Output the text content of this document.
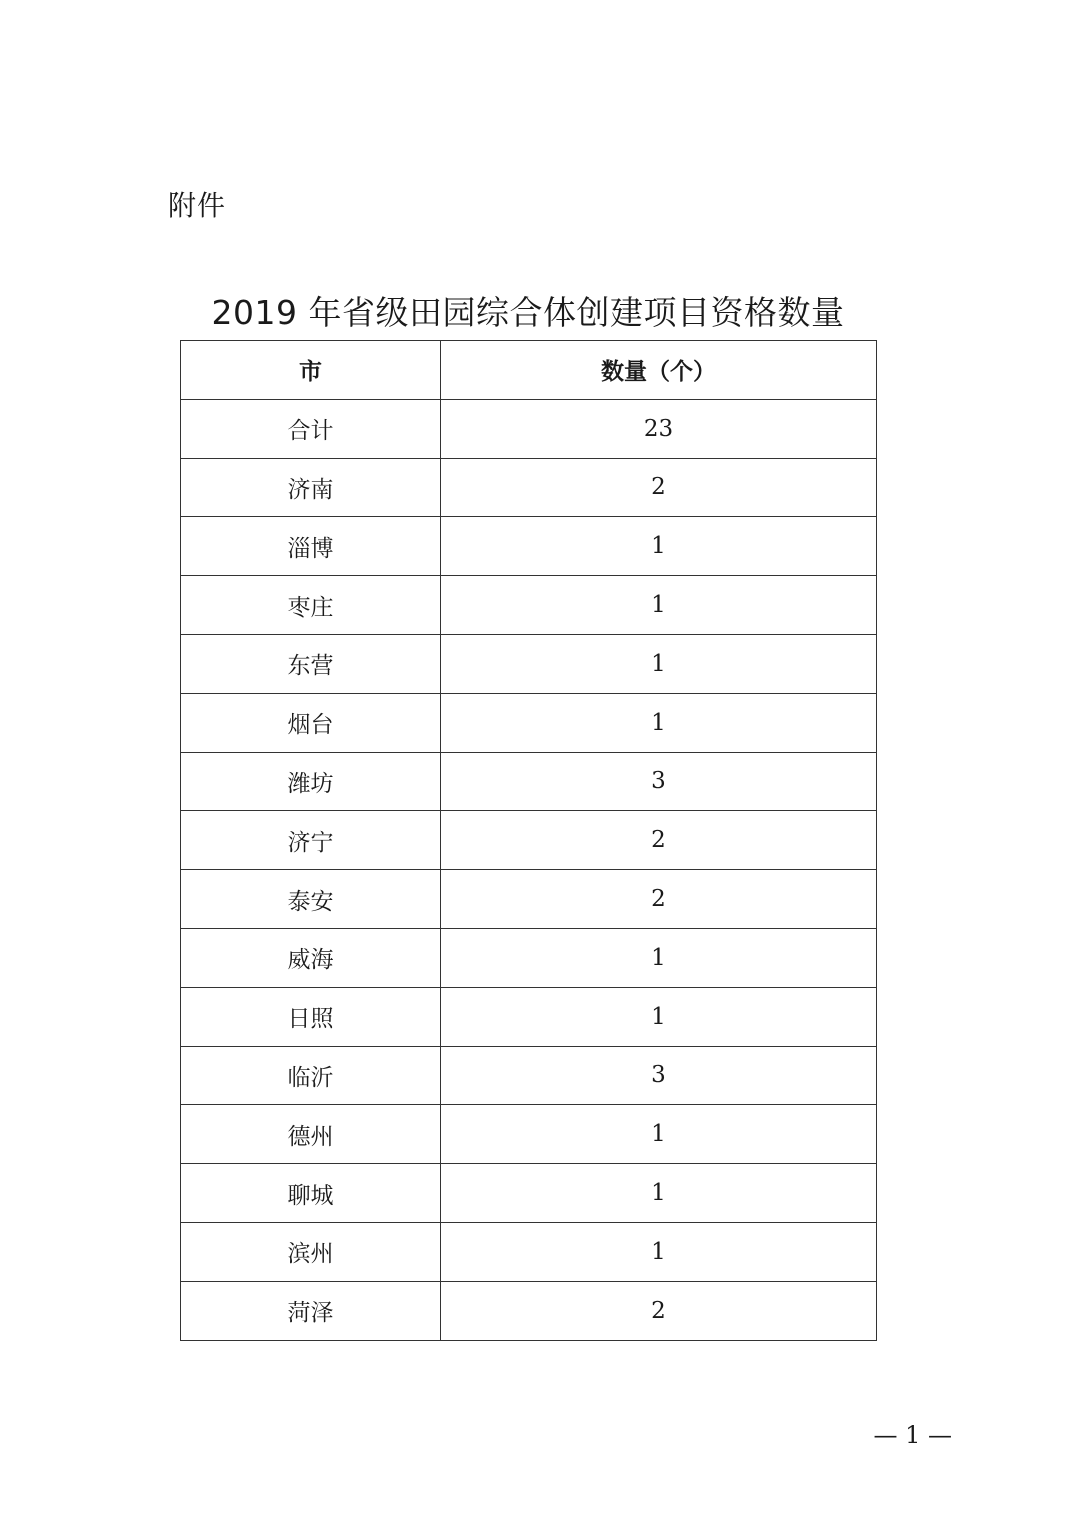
附件
2019 年省级田园综合体创建项目资格数量
市	数量（个）
合计	23
济南	2
淄博	1
枣庄	1
东营	1
烟台	1
潍坊	3
济宁	2
泰安	2
威海	1
日照	1
临沂	3
德州	1
聊城	1
滨州	1
菏泽	2
— 1 —
